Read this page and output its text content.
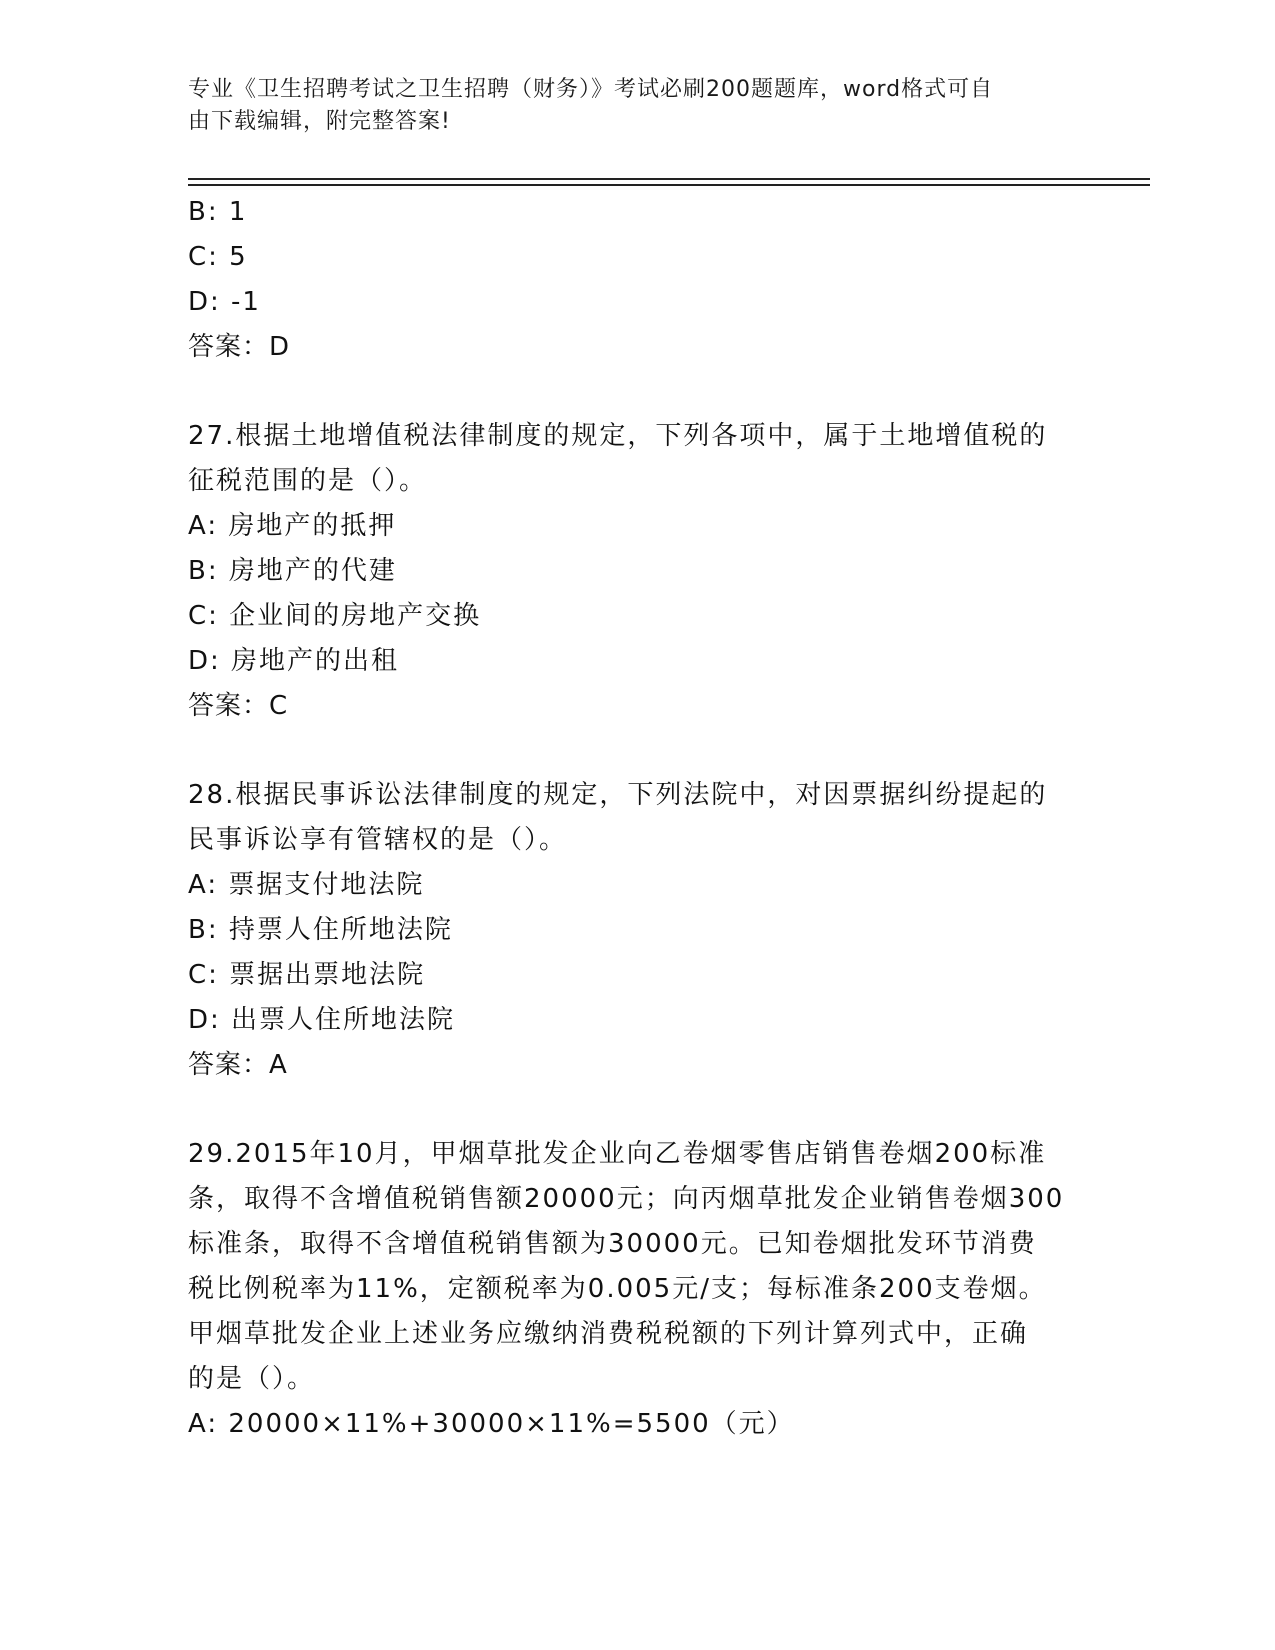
专业《卫生招聘考试之卫生招聘（财务）》考试必刷200题题库，word格式可自
由下载编辑，附完整答案!
B: 1
C: 5
D: -1
答案：D
27.根据土地增值税法律制度的规定，下列各项中，属于土地增值税的
征税范围的是（）。
A: 房地产的抵押
B: 房地产的代建
C: 企业间的房地产交换
D: 房地产的出租
答案：C
28.根据民事诉讼法律制度的规定，下列法院中，对因票据纠纷提起的
民事诉讼享有管辖权的是（）。
A: 票据支付地法院
B: 持票人住所地法院
C: 票据出票地法院
D: 出票人住所地法院
答案：A
29.2015年10月，甲烟草批发企业向乙卷烟零售店销售卷烟200标准
条，取得不含增值税销售额20000元；向丙烟草批发企业销售卷烟300
标准条，取得不含增值税销售额为30000元。已知卷烟批发环节消费
税比例税率为11%，定额税率为0.005元/支；每标准条200支卷烟。
甲烟草批发企业上述业务应缴纳消费税税额的下列计算列式中，正确
的是（）。
A: 20000×11%+30000×11%=5500（元）
